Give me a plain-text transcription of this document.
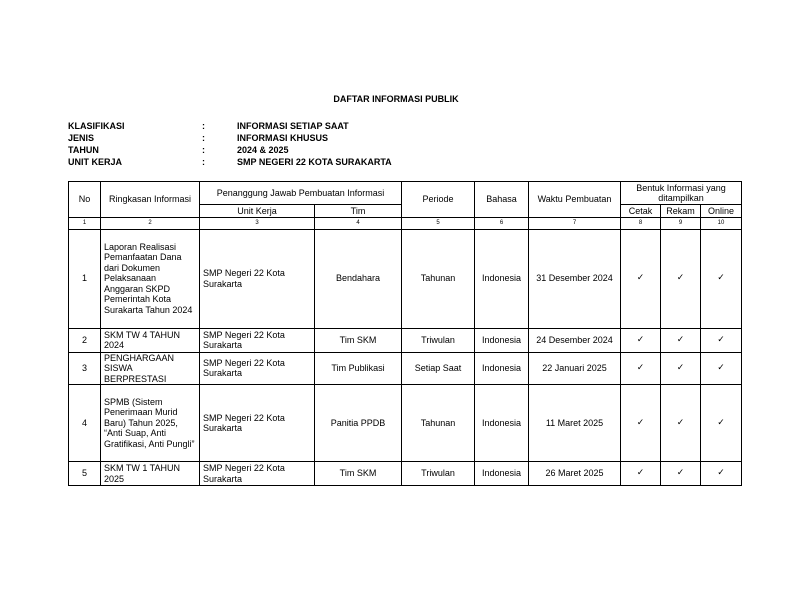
DAFTAR INFORMASI PUBLIK
KLASIFIKASI	:	INFORMASI SETIAP SAAT
JENIS	:	INFORMASI KHUSUS
TAHUN	:	2024 & 2025
UNIT KERJA	:	SMP NEGERI 22 KOTA SURAKARTA
No	Ringkasan Informasi	Penanggung Jawab Pembuatan Informasi		Periode	Bahasa	Waktu Pembuatan	Bentuk Informasi yang ditampilkan		
		Unit Kerja	Tim				Cetak	Rekam	Online
1	2	3	4	5	6	7	8	9	10
1	Laporan Realisasi Pemanfaatan Dana dari Dokumen Pelaksanaan Anggaran SKPD Pemerintah Kota Surakarta Tahun 2024	SMP Negeri 22 Kota Surakarta	Bendahara	Tahunan	Indonesia	31 Desember 2024	✓	✓	✓
2	SKM TW 4 TAHUN 2024	SMP Negeri 22 Kota Surakarta	Tim SKM	Triwulan	Indonesia	24 Desember 2024	✓	✓	✓
3	PENGHARGAAN SISWA BERPRESTASI	SMP Negeri 22 Kota Surakarta	Tim Publikasi	Setiap Saat	Indonesia	22 Januari 2025	✓	✓	✓
4	SPMB (Sistem Penerimaan Murid Baru) Tahun 2025, “Anti Suap, Anti Gratifikasi, Anti Pungli”	SMP Negeri 22 Kota Surakarta	Panitia PPDB	Tahunan	Indonesia	11 Maret 2025	✓	✓	✓
5	SKM TW 1 TAHUN 2025	SMP Negeri 22 Kota Surakarta	Tim SKM	Triwulan	Indonesia	26 Maret 2025	✓	✓	✓
